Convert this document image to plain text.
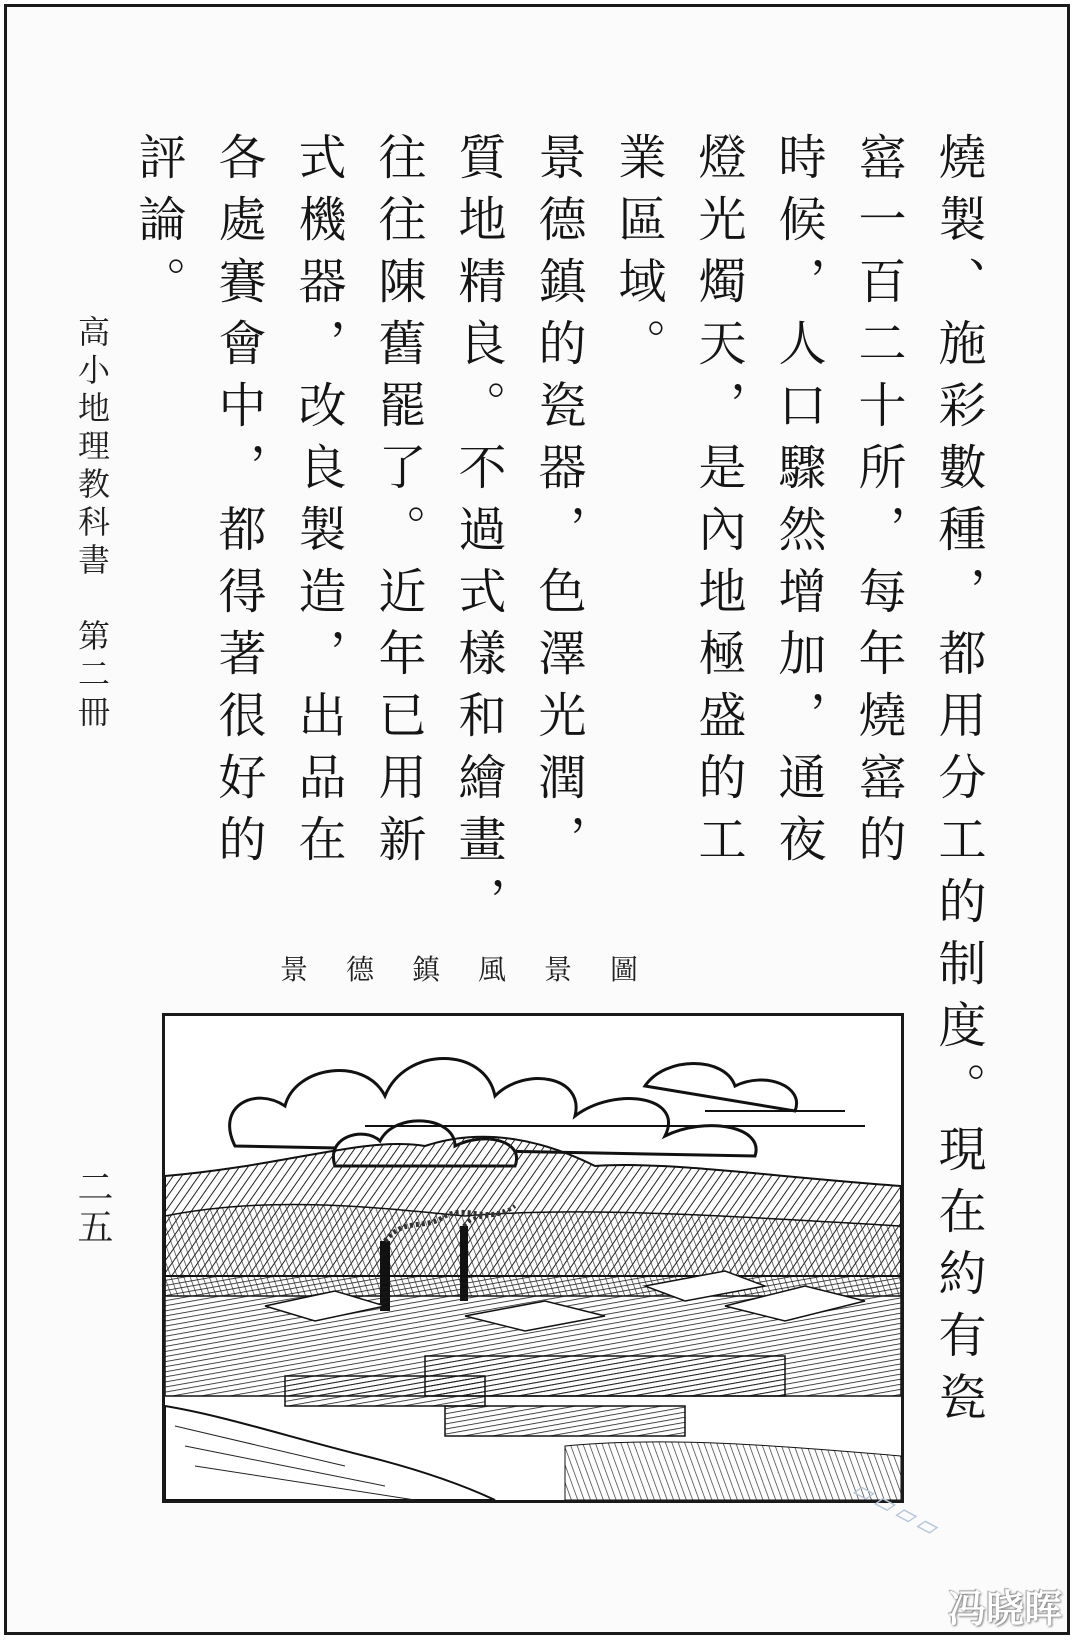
燒製、施彩數種，都用分工的制度。現在約有瓷
窰一百二十所，每年燒窰的
時候，人口驟然增加，通夜
燈光燭天，是內地極盛的工
業區域。
景德鎮的瓷器，色澤光潤，
質地精良。不過式樣和繪畫，
往往陳舊罷了。近年已用新
式機器，改良製造，出品在
各處賽會中，都得著很好的
評論。
高小地理教科書　第二冊
二五
景德鎮風景圖
▱▱▱▱
冯晓晖
